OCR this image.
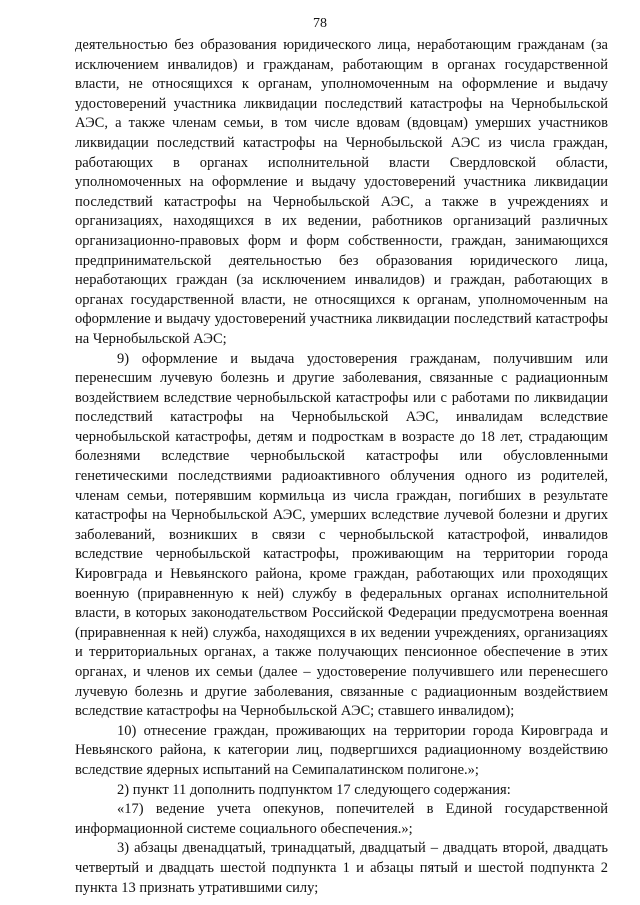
78

деятельностью без образования юридического лица, неработающим гражданам (за исключением инвалидов) и гражданам, работающим в органах государственной власти, не относящихся к органам, уполномоченным на оформление и выдачу удостоверений участника ликвидации последствий катастрофы на Чернобыльской АЭС, а также членам семьи, в том числе вдовам (вдовцам) умерших участников ликвидации последствий катастрофы на Чернобыльской АЭС из числа граждан, работающих в органах исполнительной власти Свердловской области, уполномоченных на оформление и выдачу удостоверений участника ликвидации последствий катастрофы на Чернобыльской АЭС, а также в учреждениях и организациях, находящихся в их ведении, работников организаций различных организационно-правовых форм и форм собственности, граждан, занимающихся предпринимательской деятельностью без образования юридического лица, неработающих граждан (за исключением инвалидов) и граждан, работающих в органах государственной власти, не относящихся к органам, уполномоченным на оформление и выдачу удостоверений участника ликвидации последствий катастрофы на Чернобыльской АЭС;

9) оформление и выдача удостоверения гражданам, получившим или перенесшим лучевую болезнь и другие заболевания, связанные с радиационным воздействием вследствие чернобыльской катастрофы или с работами по ликвидации последствий катастрофы на Чернобыльской АЭС, инвалидам вследствие чернобыльской катастрофы, детям и подросткам в возрасте до 18 лет, страдающим болезнями вследствие чернобыльской катастрофы или обусловленными генетическими последствиями радиоактивного облучения одного из родителей, членам семьи, потерявшим кормильца из числа граждан, погибших в результате катастрофы на Чернобыльской АЭС, умерших вследствие лучевой болезни и других заболеваний, возникших в связи с чернобыльской катастрофой, инвалидов вследствие чернобыльской катастрофы, проживающим на территории города Кировграда и Невьянского района, кроме граждан, работающих или проходящих военную (приравненную к ней) службу в федеральных органах исполнительной власти, в которых законодательством Российской Федерации предусмотрена военная (приравненная к ней) служба, находящихся в их ведении учреждениях, организациях и территориальных органах, а также получающих пенсионное обеспечение в этих органах, и членов их семьи (далее – удостоверение получившего или перенесшего лучевую болезнь и другие заболевания, связанные с радиационным воздействием вследствие катастрофы на Чернобыльской АЭС; ставшего инвалидом);

10) отнесение граждан, проживающих на территории города Кировграда и Невьянского района, к категории лиц, подвергшихся радиационному воздействию вследствие ядерных испытаний на Семипалатинском полигоне.»;

2) пункт 11 дополнить подпунктом 17 следующего содержания:

«17) ведение учета опекунов, попечителей в Единой государственной информационной системе социального обеспечения.»;

3) абзацы двенадцатый, тринадцатый, двадцатый – двадцать второй, двадцать четвертый и двадцать шестой подпункта 1 и абзацы пятый и шестой подпункта 2 пункта 13 признать утратившими силу;
